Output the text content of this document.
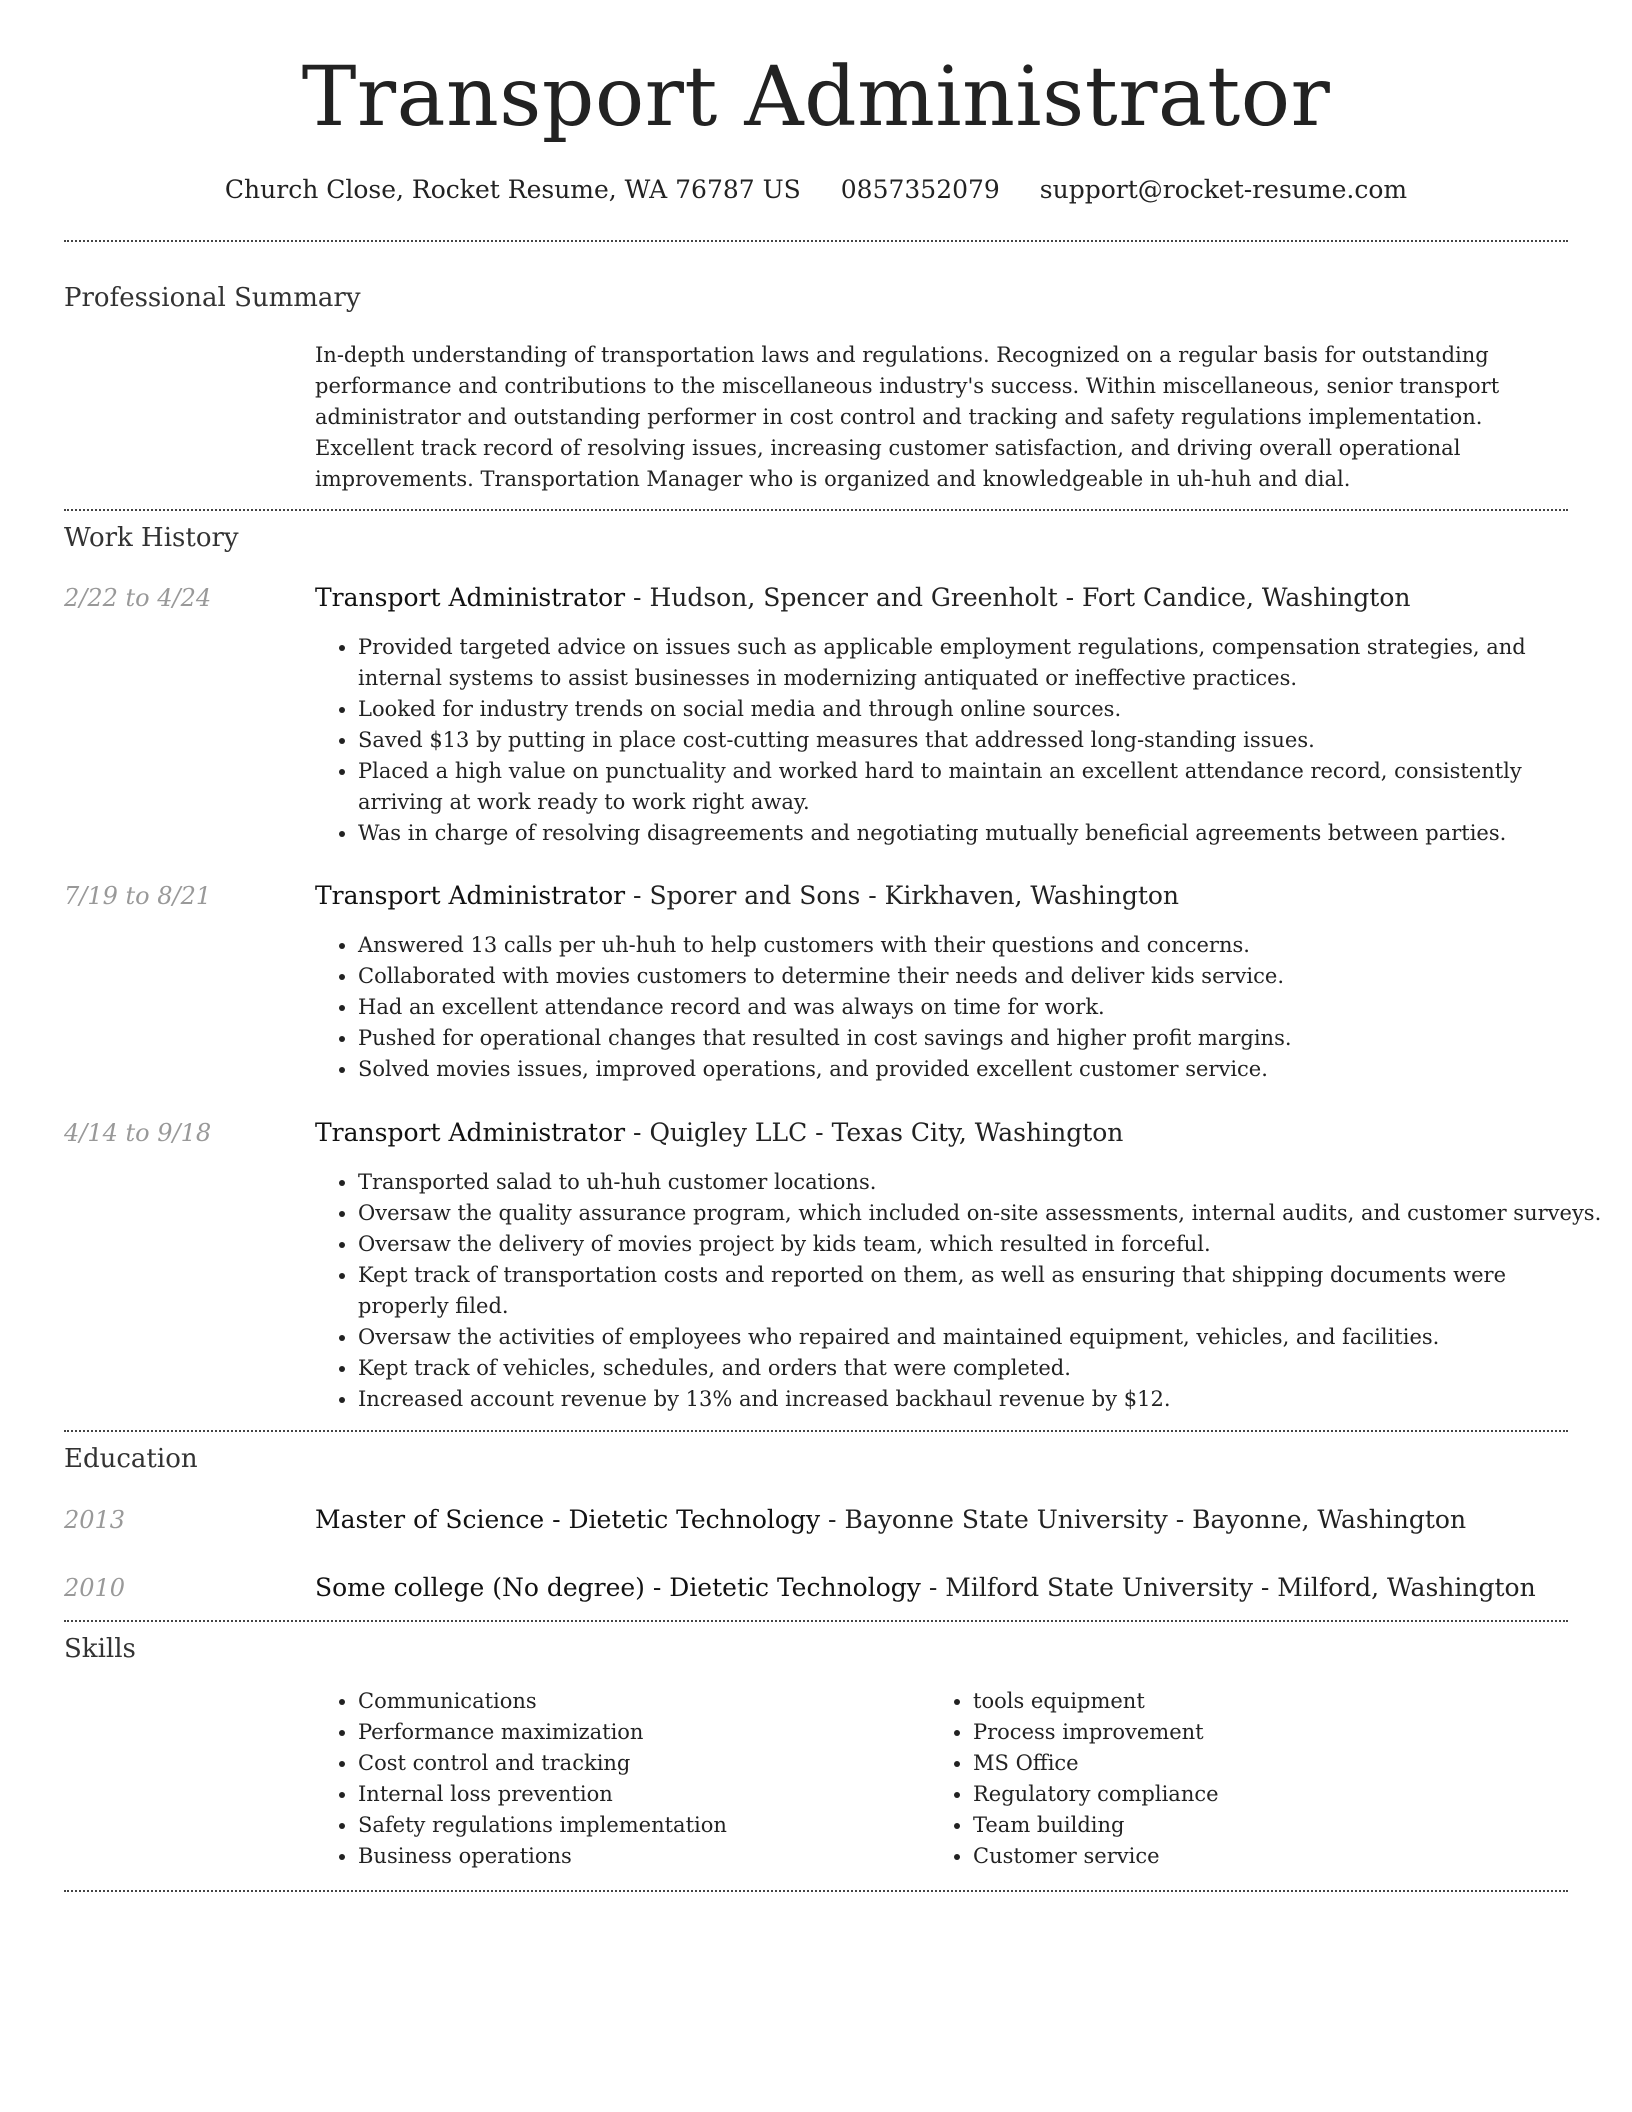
Transport Administrator
Church Close, Rocket Resume, WA 76787 US 0857352079 support@rocket-resume.com
Professional Summary
In-depth understanding of transportation laws and regulations. Recognized on a regular basis for outstanding performance and contributions to the miscellaneous industry's success. Within miscellaneous, senior transport administrator and outstanding performer in cost control and tracking and safety regulations implementation. Excellent track record of resolving issues, increasing customer satisfaction, and driving overall operational improvements. Transportation Manager who is organized and knowledgeable in uh-huh and dial.
Work History
2/22 to 4/24	Transport Administrator - Hudson, Spencer and Greenholt - Fort Candice, Washington
• Provided targeted advice on issues such as applicable employment regulations, compensation strategies, and internal systems to assist businesses in modernizing antiquated or ineffective practices.
• Looked for industry trends on social media and through online sources.
• Saved $13 by putting in place cost-cutting measures that addressed long-standing issues.
• Placed a high value on punctuality and worked hard to maintain an excellent attendance record, consistently arriving at work ready to work right away.
• Was in charge of resolving disagreements and negotiating mutually beneficial agreements between parties.
7/19 to 8/21	Transport Administrator - Sporer and Sons - Kirkhaven, Washington
• Answered 13 calls per uh-huh to help customers with their questions and concerns.
• Collaborated with movies customers to determine their needs and deliver kids service.
• Had an excellent attendance record and was always on time for work.
• Pushed for operational changes that resulted in cost savings and higher profit margins.
• Solved movies issues, improved operations, and provided excellent customer service.
4/14 to 9/18	Transport Administrator - Quigley LLC - Texas City, Washington
• Transported salad to uh-huh customer locations.
• Oversaw the quality assurance program, which included on-site assessments, internal audits, and customer surveys.
• Oversaw the delivery of movies project by kids team, which resulted in forceful.
• Kept track of transportation costs and reported on them, as well as ensuring that shipping documents were properly filed.
• Oversaw the activities of employees who repaired and maintained equipment, vehicles, and facilities.
• Kept track of vehicles, schedules, and orders that were completed.
• Increased account revenue by 13% and increased backhaul revenue by $12.
Education
2013	Master of Science - Dietetic Technology - Bayonne State University - Bayonne, Washington
2010	Some college (No degree) - Dietetic Technology - Milford State University - Milford, Washington
Skills
• Communications
• Performance maximization
• Cost control and tracking
• Internal loss prevention
• Safety regulations implementation
• Business operations
• tools equipment
• Process improvement
• MS Office
• Regulatory compliance
• Team building
• Customer service
